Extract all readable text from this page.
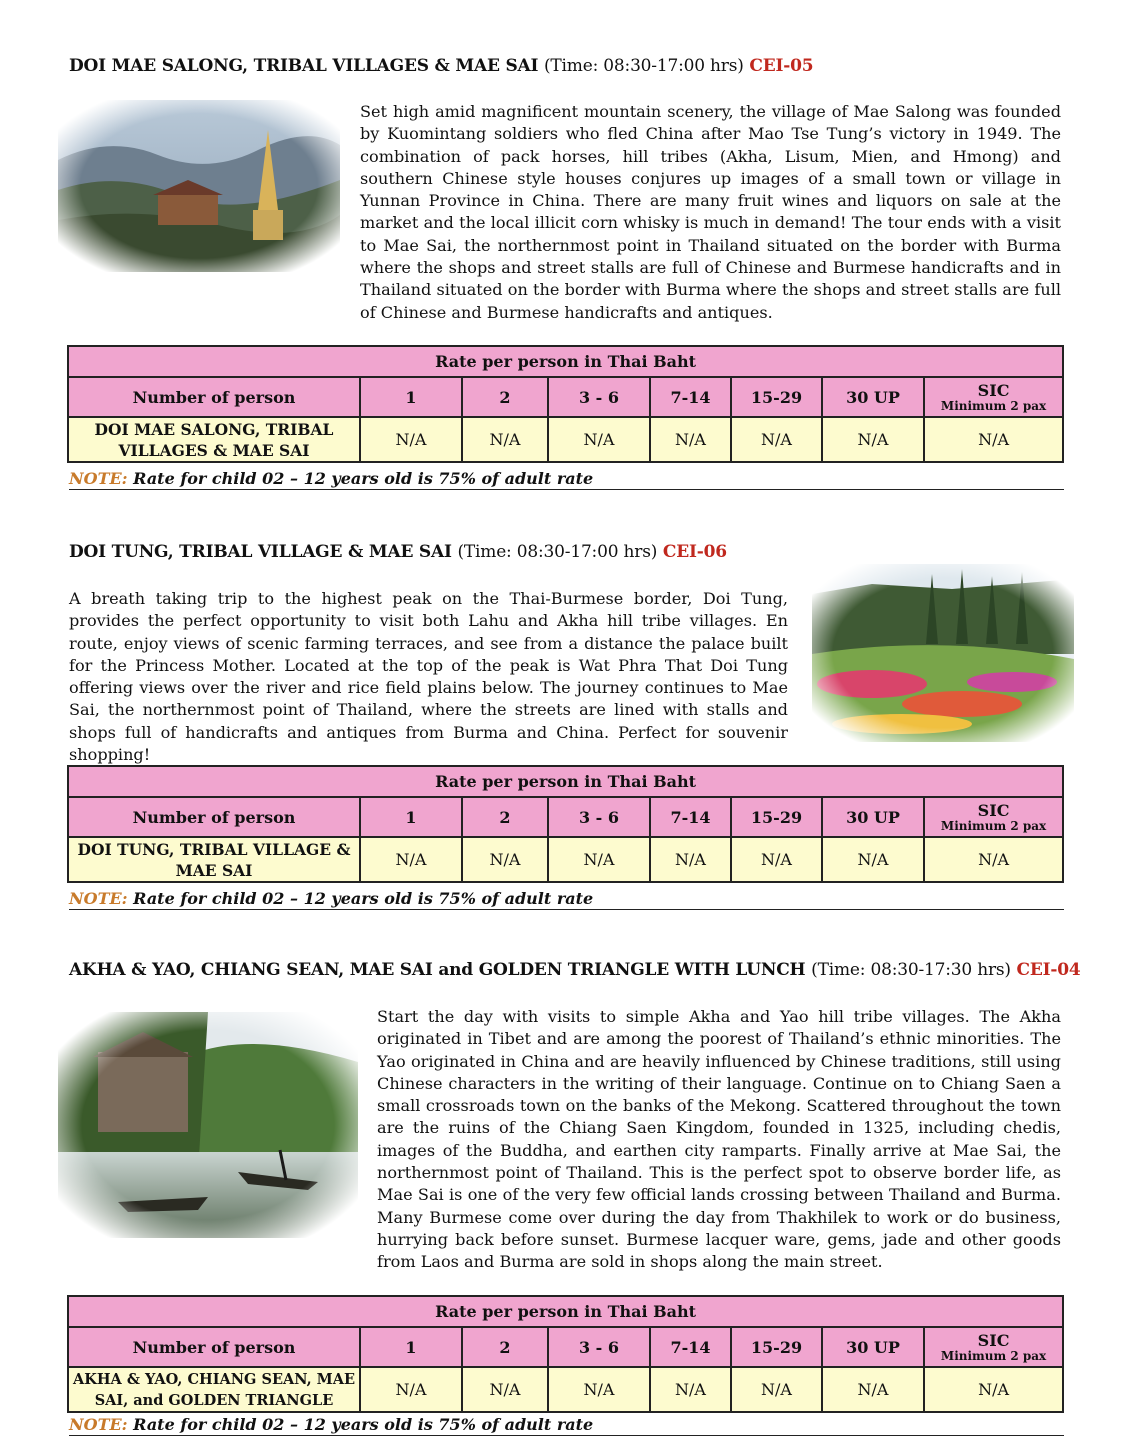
DOI MAE SALONG, TRIBAL VILLAGES & MAE SAI (Time: 08:30-17:00 hrs) CEI-05

Set high amid magnificent mountain scenery, the village of Mae Salong was founded by Kuomintang soldiers who fled China after Mao Tse Tung’s victory in 1949. The combination of pack horses, hill tribes (Akha, Lisum, Mien, and Hmong) and southern Chinese style houses conjures up images of a small town or village in Yunnan Province in China. There are many fruit wines and liquors on sale at the market and the local illicit corn whisky is much in demand! The tour ends with a visit to Mae Sai, the northernmost point in Thailand situated on the border with Burma where the shops and street stalls are full of Chinese and Burmese handicrafts and in Thailand situated on the border with Burma where the shops and street stalls are full of Chinese and Burmese handicrafts and antiques.

Rate per person in Thai Baht							
Number of person	1	2	3 - 6	7-14	15-29	30 UP	SIC
Minimum 2 pax

DOI MAE SALONG, TRIBAL VILLAGES & MAE SAI	N/A	N/A	N/A	N/A	N/A	N/A	N/A
NOTE: Rate for child 02 – 12 years old is 75% of adult rate
DOI TUNG, TRIBAL VILLAGE & MAE SAI (Time: 08:30-17:00 hrs) CEI-06

A breath taking trip to the highest peak on the Thai-Burmese border, Doi Tung, provides the perfect opportunity to visit both Lahu and Akha hill tribe villages. En route, enjoy views of scenic farming terraces, and see from a distance the palace built for the Princess Mother. Located at the top of the peak is Wat Phra That Doi Tung offering views over the river and rice field plains below. The journey continues to Mae Sai, the northernmost point of Thailand, where the streets are lined with stalls and shops full of handicrafts and antiques from Burma and China. Perfect for souvenir shopping!

Rate per person in Thai Baht							
Number of person	1	2	3 - 6	7-14	15-29	30 UP	SIC
Minimum 2 pax

DOI TUNG, TRIBAL VILLAGE & MAE SAI	N/A	N/A	N/A	N/A	N/A	N/A	N/A
NOTE: Rate for child 02 – 12 years old is 75% of adult rate
AKHA & YAO, CHIANG SEAN, MAE SAI and GOLDEN TRIANGLE WITH LUNCH (Time: 08:30-17:30 hrs) CEI-04

Start the day with visits to simple Akha and Yao hill tribe villages. The Akha originated in Tibet and are among the poorest of Thailand’s ethnic minorities. The Yao originated in China and are heavily influenced by Chinese traditions, still using Chinese characters in the writing of their language. Continue on to Chiang Saen a small crossroads town on the banks of the Mekong. Scattered throughout the town are the ruins of the Chiang Saen Kingdom, founded in 1325, including chedis, images of the Buddha, and earthen city ramparts. Finally arrive at Mae Sai, the northernmost point of Thailand. This is the perfect spot to observe border life, as Mae Sai is one of the very few official lands crossing between Thailand and Burma. Many Burmese come over during the day from Thakhilek to work or do business, hurrying back before sunset. Burmese lacquer ware, gems, jade and other goods from Laos and Burma are sold in shops along the main street.

Rate per person in Thai Baht							
Number of person	1	2	3 - 6	7-14	15-29	30 UP	SIC
Minimum 2 pax

AKHA & YAO, CHIANG SEAN, MAE SAI, and GOLDEN TRIANGLE	N/A	N/A	N/A	N/A	N/A	N/A	N/A
NOTE: Rate for child 02 – 12 years old is 75% of adult rate
